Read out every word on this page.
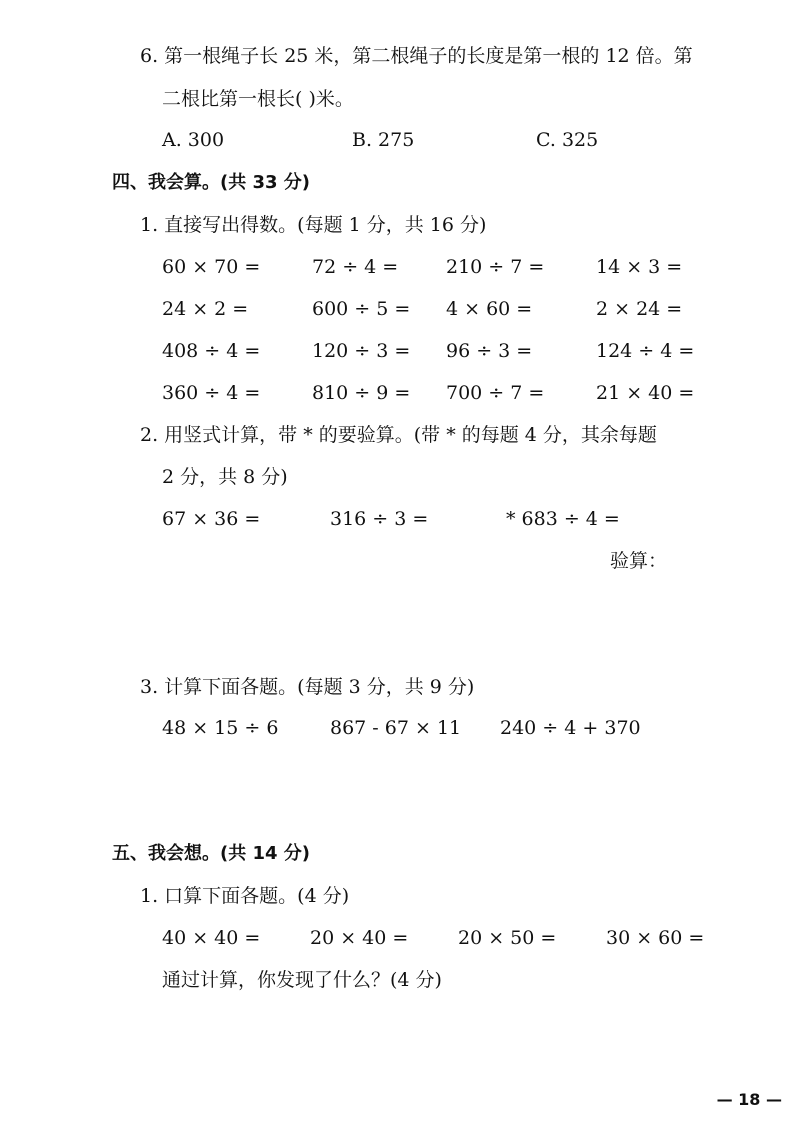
6. 第一根绳子长 25 米，第二根绳子的长度是第一根的 12 倍。第
二根比第一根长( )米。
A. 300	B. 275	C. 325
四、我会算。(共 33 分)
1. 直接写出得数。(每题 1 分，共 16 分)
60 × 70 =	72 ÷ 4 =	210 ÷ 7 =	14 × 3 =
24 × 2 =	600 ÷ 5 = 4 × 60 =	2 × 24 =
408 ÷ 4 =	120 ÷ 3 = 96 ÷ 3 =	124 ÷ 4 =
360 ÷ 4 =	810 ÷ 9 = 700 ÷ 7 =	21 × 40 =
2. 用竖式计算，带 * 的要验算。(带 * 的每题 4 分，其余每题
2 分，共 8 分)
67 × 36 =	316 ÷ 3 =	* 683 ÷ 4 =
验算：
3. 计算下面各题。(每题 3 分，共 9 分)
48 × 15 ÷ 6	867 - 67 × 11 240 ÷ 4 + 370
五、我会想。(共 14 分)
1. 口算下面各题。(4 分)
40 × 40 =	20 × 40 =	20 × 50 =	30 × 60 =
通过计算，你发现了什么？(4 分)
— 18 —
